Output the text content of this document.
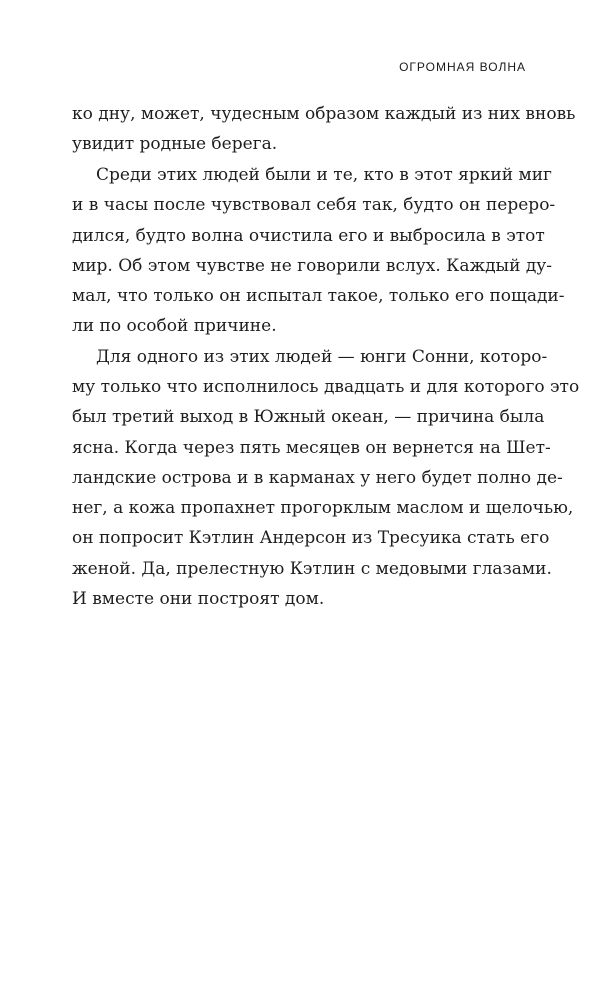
ОГРОМНАЯ ВОЛНА
ко дну, может, чудесным образом каждый из них вновь
увидит родные берега.
Среди этих людей были и те, кто в этот яркий миг
и в часы после чувствовал себя так, будто он переро-
дился, будто волна очистила его и выбросила в этот
мир. Об этом чувстве не говорили вслух. Каждый ду-
мал, что только он испытал такое, только его пощади-
ли по особой причине.
Для одного из этих людей — юнги Сонни, которо-
му только что исполнилось двадцать и для которого это
был третий выход в Южный океан, — причина была
ясна. Когда через пять месяцев он вернется на Шет-
ландские острова и в карманах у него будет полно де-
нег, а кожа пропахнет прогорклым маслом и щелочью,
он попросит Кэтлин Андерсон из Тресуика стать его
женой. Да, прелестную Кэтлин с медовыми глазами.
И вместе они построят дом.
